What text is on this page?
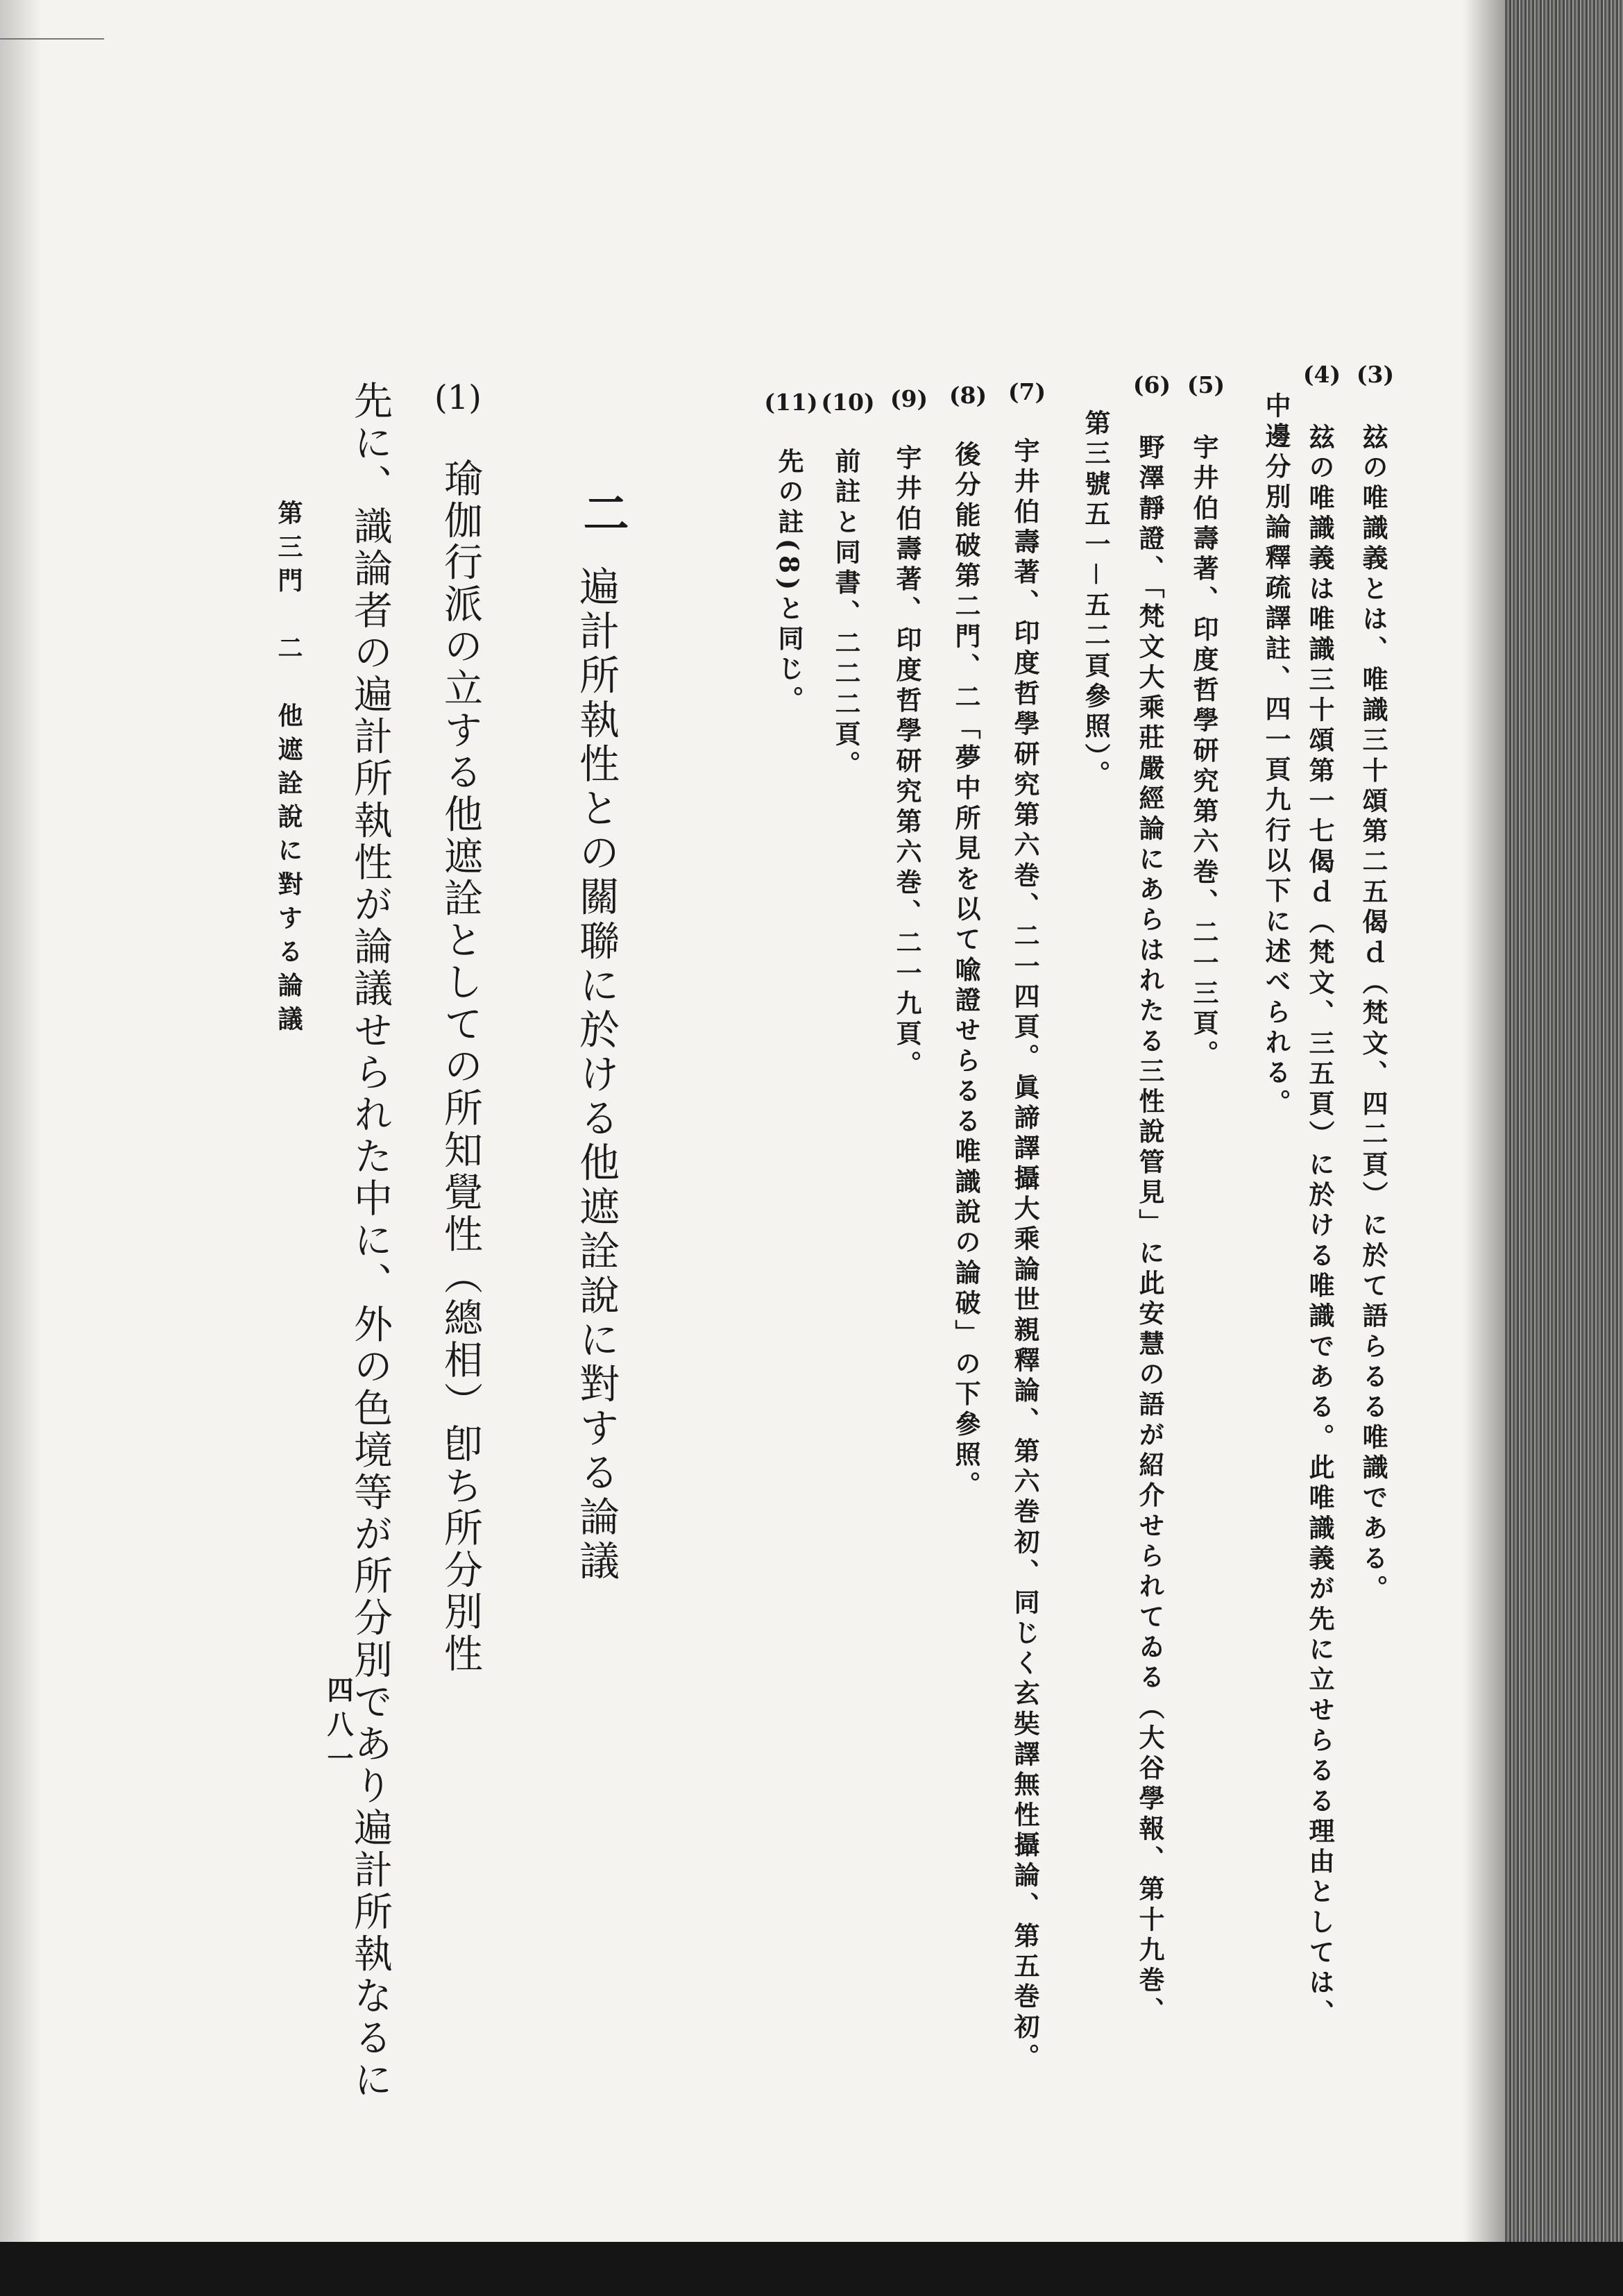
(3)
玆の唯識義とは、唯識三十頌第二五偈ｄ（梵文、四二頁）に於て語らるる唯識である。
(4)
玆の唯識義は唯識三十頌第一七偈ｄ（梵文、三五頁）に於ける唯識である。此唯識義が先に立せらるる理由としては、
中邊分別論釋疏譯註、四一頁九行以下に述べられる。
(5)
宇井伯壽著、印度哲學研究第六巻、二一三頁。
(6)
野澤靜證、「梵文大乘莊嚴經論にあらはれたる三性說管見」に此安慧の語が紹介せられてゐる（大谷學報、第十九巻、
第三號五一－五二頁參照）。
(7)
宇井伯壽著、印度哲學研究第六巻、二一四頁。眞諦譯攝大乘論世親釋論、第六巻初、同じく玄奘譯無性攝論、第五巻初。
(8)
後分能破第二門、二「夢中所見を以て喩證せらるる唯識說の論破」の下參照。
(9)
宇井伯壽著、印度哲學研究第六巻、二一九頁。
(10)
前註と同書、二二二頁。
(11)
先の註(8)と同じ。
二
遍計所執性との關聯に於ける他遮詮說に對する論議
(1)
瑜伽行派の立する他遮詮としての所知覺性（總相）卽ち所分別性
先に、識論者の遍計所執性が論議せられた中に、外の色境等が所分別であり遍計所執なるに
第三門　二　他遮詮說に對する論議
四八一
